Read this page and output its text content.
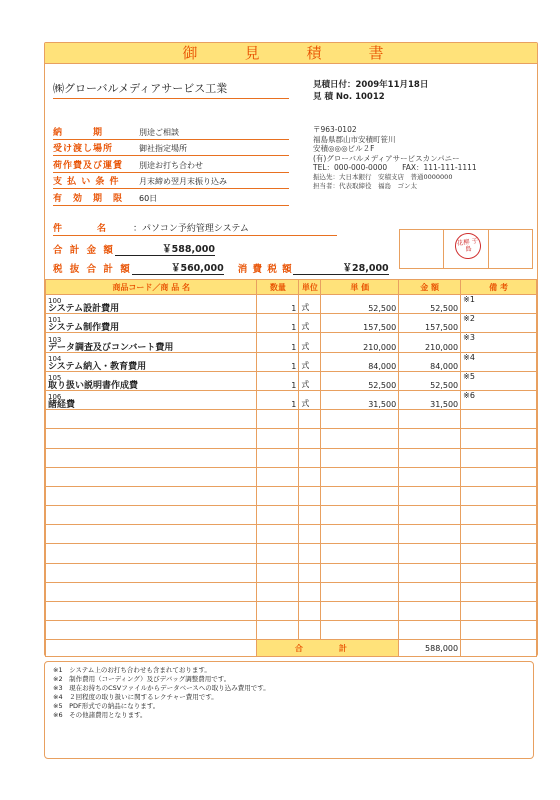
御　見　積　書
㈱グローバルメディアサービス工業	見積日付：2009年11月18日
見 積 No. 10012
納　　　期	別途ご相談
受け渡し場所	御社指定場所
荷作費及び運賃	別途お打ち合わせ
支 払 い 条 件	月末締め翌月末振り込み
有　効　期　限	60日
〒963-0102
福島県郡山市安積町笹川
安積◎◎◎ビル２F
(有)グローバルメディアサービスカンパニー
TEL：000-000-0000　　FAX：111-111-1111
振込先：大日本銀行　安積支店　普通0000000
担当者：代表取締役　福島　ゴン太
件　　　名	：パソコン予約管理システム
合 計 金 額	￥588,000
税 抜 合 計 額	￥560,000 消 費 税 額	￥28,000
花柳 子島
商品コード／商 品 名	数量	単位	単 価	金 額	備 考

100
システム設計費用	1	式	52,500	52,500	※1

101
システム制作費用	1	式	157,500	157,500	※2

103
データ調査及びコンバート費用	1	式	210,000	210,000	※3

104
システム納入・教育費用	1	式	84,000	84,000	※4

105
取り扱い説明書作成費	1	式	52,500	52,500	※5

106
諸経費	1	式	31,500	31,500	※6

	合　計			588,000	
※1　システム上のお打ち合わせも含まれております。
※2　制作費用（コーディング）及びデバッグ調整費用です。
※3　現在お持ちのCSVファイルからデータベースへの取り込み費用です。
※4　２回程度の取り扱いに関するレクチャー費用です。
※5　PDF形式での納品になります。
※6　その他諸費用となります。
